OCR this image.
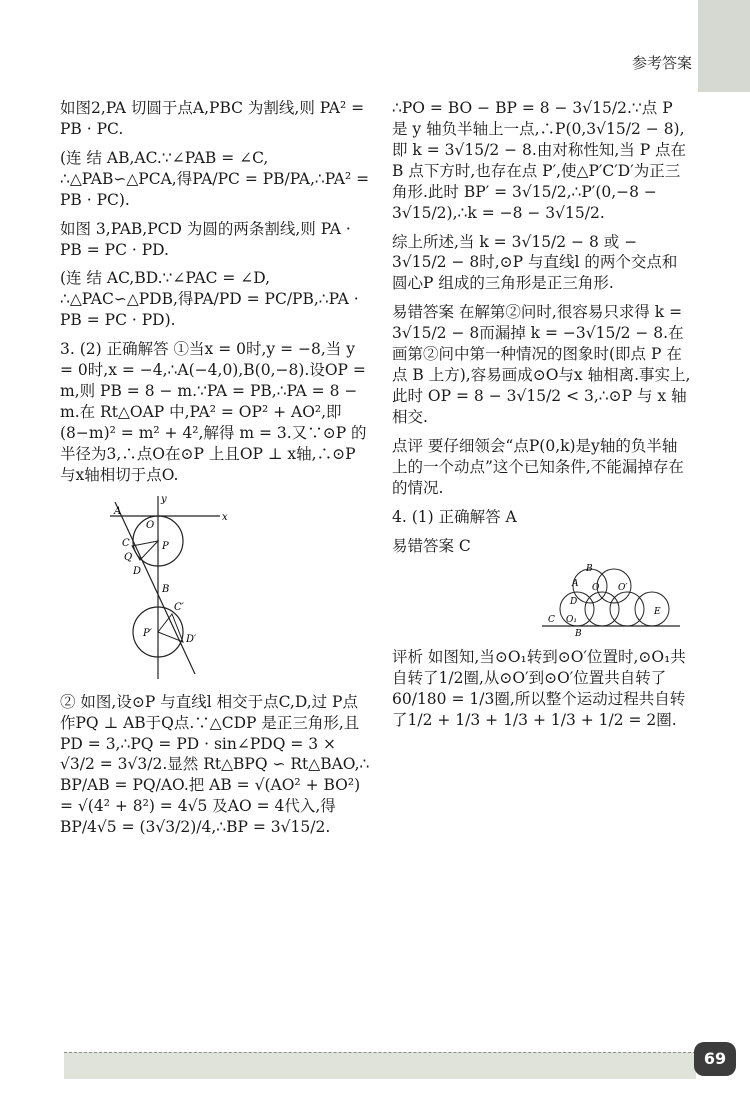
参考答案
如图2,PA 切圆于点A,PBC 为割线,则 PA² = PB · PC.
(连 结 AB,AC.∵∠PAB = ∠C, ∴△PAB∽△PCA,得PA/PC = PB/PA,∴PA² = PB · PC).
如图 3,PAB,PCD 为圆的两条割线,则 PA · PB = PC · PD.
(连 结 AC,BD.∵∠PAC = ∠D, ∴△PAC∽△PDB,得PA/PD = PC/PB,∴PA · PB = PC · PD).
3. (2) 正确解答 ①当x = 0时,y = −8,当 y = 0时,x = −4,∴A(−4,0),B(0,−8).设OP = m,则 PB = 8 − m.∵PA = PB,∴PA = 8 − m.在 Rt△OAP 中,PA² = OP² + AO²,即(8−m)² = m² + 4²,解得 m = 3.又∵⊙P 的半径为3,∴点O在⊙P 上且OP ⊥ x轴,∴⊙P与x轴相切于点O.
y
x
A
O
C	P
Q
D
B
C′
P′
D′
② 如图,设⊙P 与直线l 相交于点C,D,过 P点作PQ ⊥ AB于Q点.∵△CDP 是正三角形,且 PD = 3,∴PQ = PD · sin∠PDQ = 3 × √3/2 = 3√3/2.显然 Rt△BPQ ∽ Rt△BAO,∴ BP/AB = PQ/AO.把 AB = √(AO² + BO²) = √(4² + 8²) = 4√5 及AO = 4代入,得 BP/4√5 = (3√3/2)/4,∴BP = 3√15/2.
∴PO = BO − BP = 8 − 3√15/2.∵点 P 是 y 轴负半轴上一点,∴P(0,3√15/2 − 8),即 k = 3√15/2 − 8.由对称性知,当 P 点在B 点下方时,也存在点 P′,使△P′C′D′为正三角形.此时 BP′ = 3√15/2,∴P′(0,−8 − 3√15/2),∴k = −8 − 3√15/2.
综上所述,当 k = 3√15/2 − 8 或 − 3√15/2 − 8时,⊙P 与直线l 的两个交点和圆心P 组成的三角形是正三角形.
易错答案 在解第②问时,很容易只求得 k = 3√15/2 − 8而漏掉 k = −3√15/2 − 8.在画第②问中第一种情况的图象时(即点 P 在点 B 上方),容易画成⊙O与x 轴相离.事实上,此时 OP = 8 − 3√15/2 < 3,∴⊙P 与 x 轴相交.
点评 要仔细领会“点P(0,k)是y轴的负半轴上的一个动点”这个已知条件,不能漏掉存在的情况.
4. (1) 正确解答 A
易错答案 C
B
A O O′
D
C O₁
E
B
评析 如图知,当⊙O₁转到⊙O′位置时,⊙O₁共自转了1/2圈,从⊙O′到⊙O′位置共自转了60/180 = 1/3圈,所以整个运动过程共自转了1/2 + 1/3 + 1/3 + 1/3 + 1/2 = 2圈.
69
